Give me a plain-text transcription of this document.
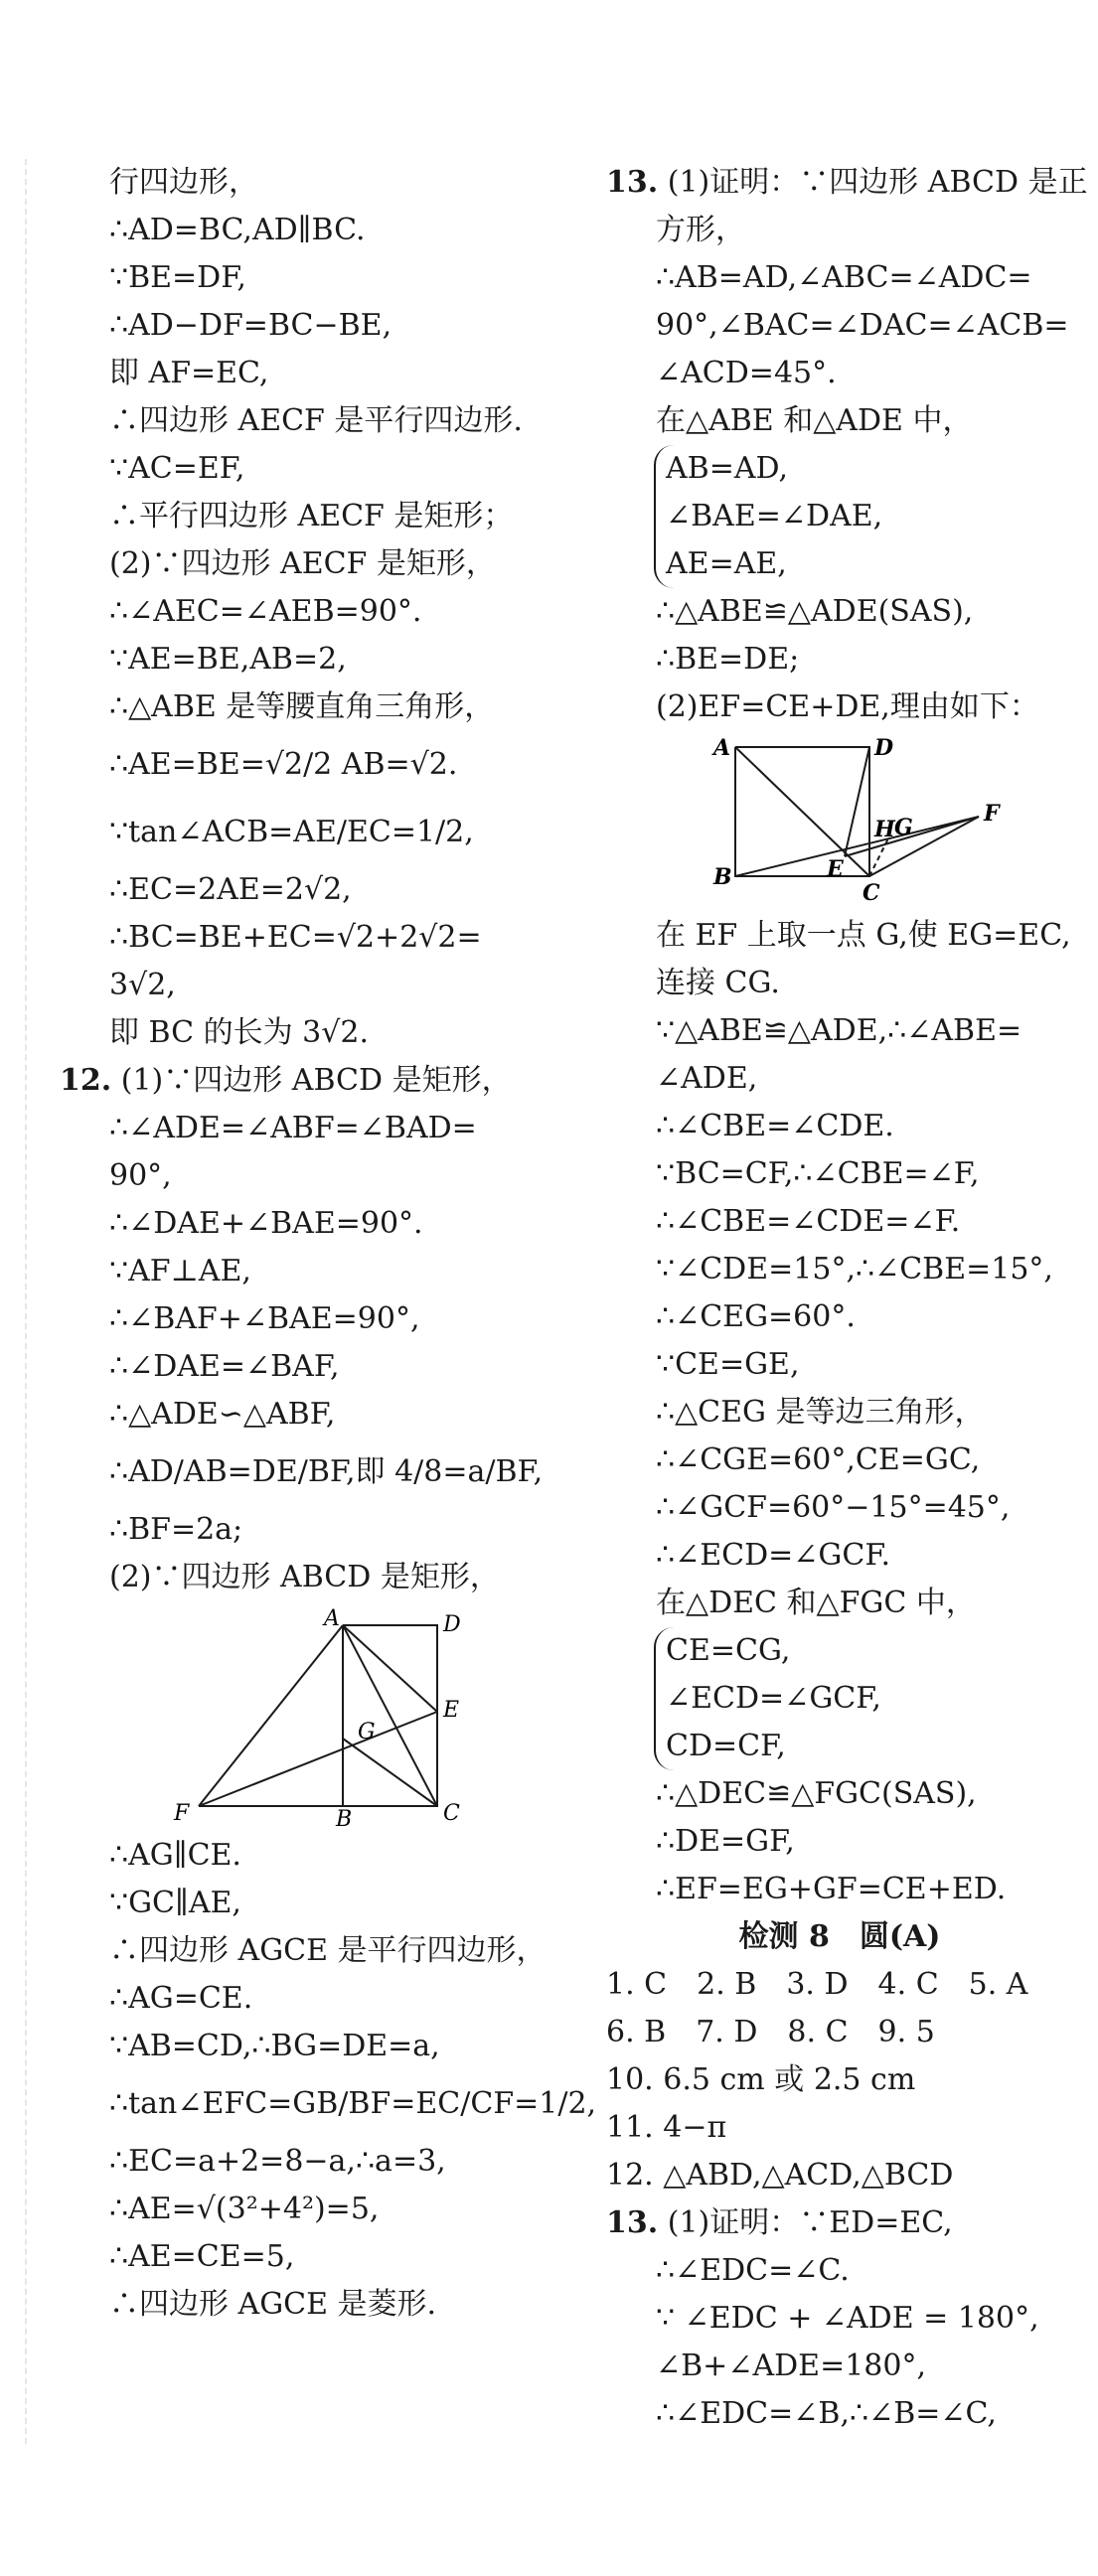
行四边形，
∴AD=BC,AD∥BC.
∵BE=DF,
∴AD−DF=BC−BE,
即 AF=EC,
∴四边形 AECF 是平行四边形.
∵AC=EF,
∴平行四边形 AECF 是矩形；
(2)∵四边形 AECF 是矩形，
∴∠AEC=∠AEB=90°.
∵AE=BE,AB=2,
∴△ABE 是等腰直角三角形，
∴AE=BE=√2/2 AB=√2.
∵tan∠ACB=AE/EC=1/2,
∴EC=2AE=2√2,
∴BC=BE+EC=√2+2√2=
3√2,
即 BC 的长为 3√2.
12. (1)∵四边形 ABCD 是矩形，
∴∠ADE=∠ABF=∠BAD=
90°,
∴∠DAE+∠BAE=90°.
∵AF⊥AE,
∴∠BAF+∠BAE=90°,
∴∠DAE=∠BAF,
∴△ADE∽△ABF,
∴AD/AB=DE/BF,即 4/8=a/BF,
∴BF=2a;
(2)∵四边形 ABCD 是矩形，
A	D
E
G
F	B	C
∴AG∥CE.
∵GC∥AE,
∴四边形 AGCE 是平行四边形，
∴AG=CE.
∵AB=CD,∴BG=DE=a,
∴tan∠EFC=GB/BF=EC/CF=1/2,
∴EC=a+2=8−a,∴a=3,
∴AE=√(3²+4²)=5,
∴AE=CE=5,
∴四边形 AGCE 是菱形.
13. (1)证明：∵四边形 ABCD 是正
方形，
∴AB=AD,∠ABC=∠ADC=
90°,∠BAC=∠DAC=∠ACB=
∠ACD=45°.
在△ABE 和△ADE 中，
AB=AD,
∠BAE=∠DAE,
AE=AE,
∴△ABE≌△ADE(SAS),
∴BE=DE;
(2)EF=CE+DE,理由如下：
A	D
H G
F
B	E
C
在 EF 上取一点 G,使 EG=EC,
连接 CG.
∵△ABE≌△ADE,∴∠ABE=
∠ADE,
∴∠CBE=∠CDE.
∵BC=CF,∴∠CBE=∠F,
∴∠CBE=∠CDE=∠F.
∵∠CDE=15°,∴∠CBE=15°,
∴∠CEG=60°.
∵CE=GE,
∴△CEG 是等边三角形，
∴∠CGE=60°,CE=GC,
∴∠GCF=60°−15°=45°,
∴∠ECD=∠GCF.
在△DEC 和△FGC 中，
CE=CG,
∠ECD=∠GCF,
CD=CF,
∴△DEC≌△FGC(SAS),
∴DE=GF,
∴EF=EG+GF=CE+ED.
检测 8　圆(A)
1. C　2. B　3. D　4. C　5. A
6. B　7. D　8. C　9. 5
10. 6.5 cm 或 2.5 cm
11. 4−π
12. △ABD,△ACD,△BCD
13. (1)证明：∵ED=EC,
∴∠EDC=∠C.
∵ ∠EDC + ∠ADE = 180°,
∠B+∠ADE=180°,
∴∠EDC=∠B,∴∠B=∠C,
